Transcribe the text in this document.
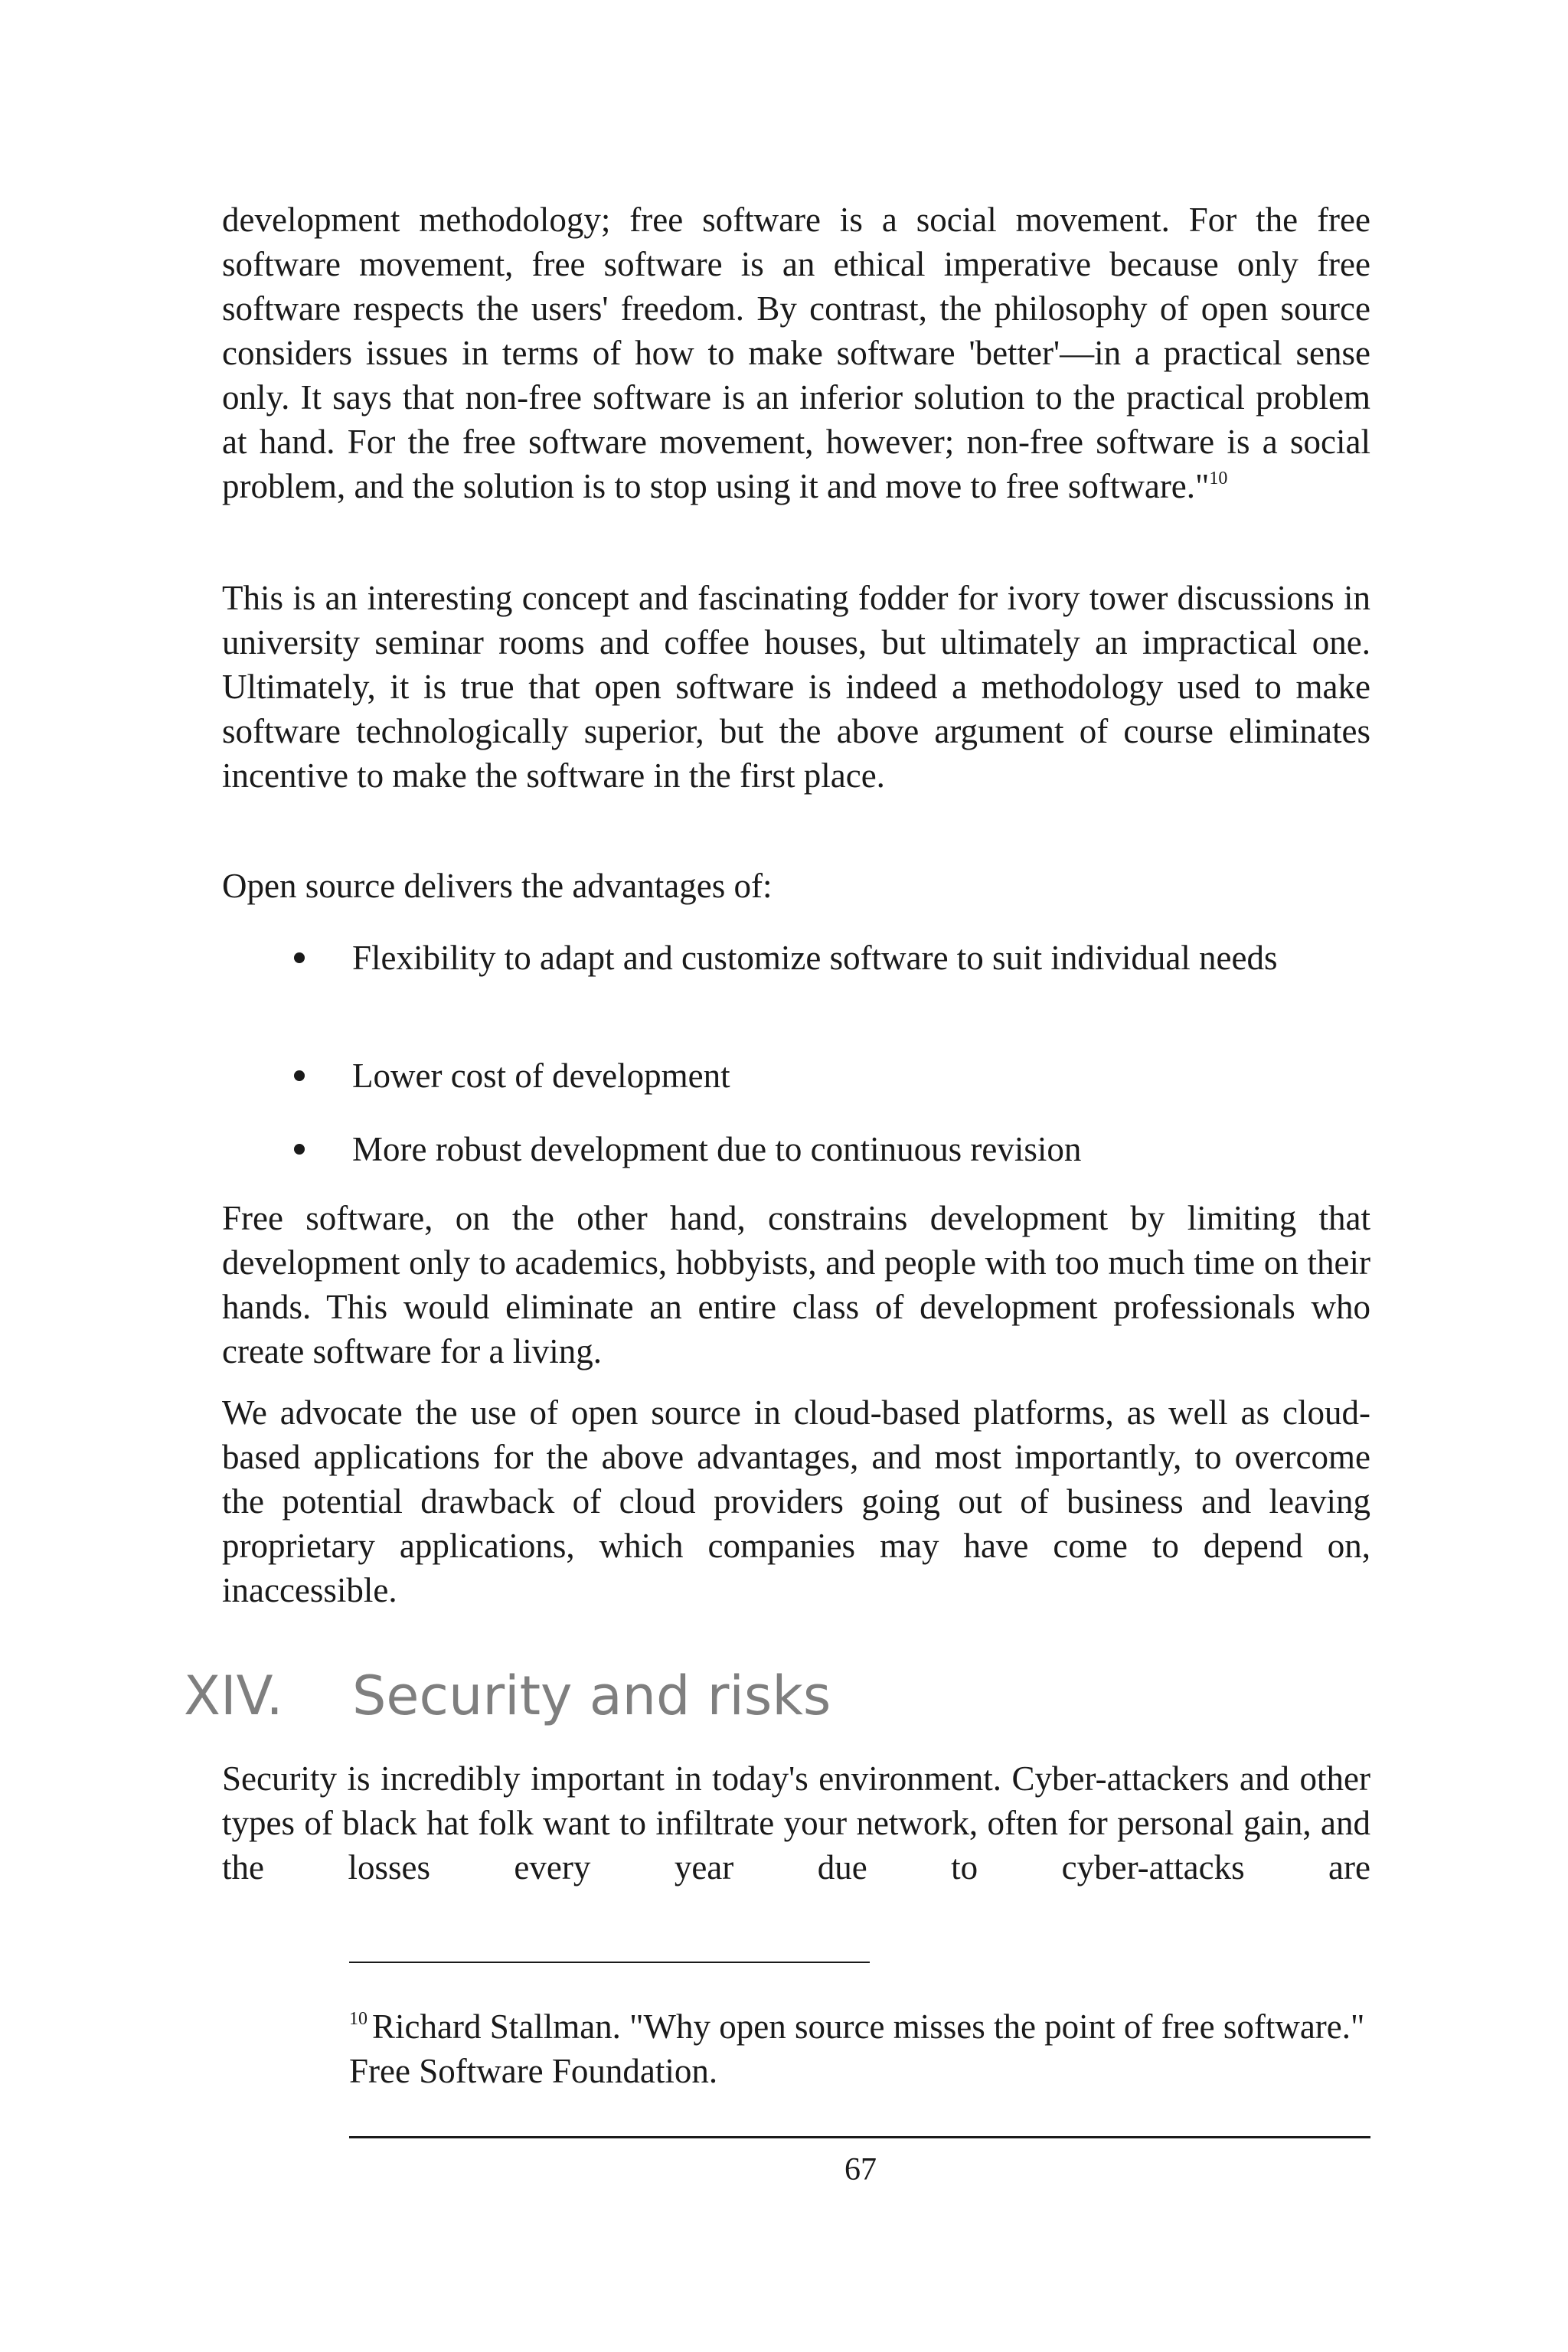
development methodology; free software is a social movement. For the free software movement, free software is an ethical imperative because only free software respects the users' freedom. By contrast, the philosophy of open source considers issues in terms of how to make software 'better'—in a practical sense only. It says that non-free software is an inferior solution to the practical problem at hand. For the free software movement, however; non-free software is a social problem, and the solution is to stop using it and move to free software."$^{10}$

This is an interesting concept and fascinating fodder for ivory tower discussions in university seminar rooms and coffee houses, but ultimately an impractical one. Ultimately, it is true that open software is indeed a methodology used to make software technologically superior, but the above argument of course eliminates incentive to make the software in the first place.

Open source delivers the advantages of:

Flexibility to adapt and customize software to suit individual needs
Lower cost of development
More robust development due to continuous revision

Free software, on the other hand, constrains development by limiting that development only to academics, hobbyists, and people with too much time on their hands. This would eliminate an entire class of development professionals who create software for a living.

We advocate the use of open source in cloud-based platforms, as well as cloud-based applications for the above advantages, and most importantly, to overcome the potential drawback of cloud providers going out of business and leaving proprietary applications, which companies may have come to depend on, inaccessible.

XIV. Security and risks

Security is incredibly important in today's environment. Cyber-attackers and other types of black hat folk want to infiltrate your network, often for personal gain, and the losses every year due to cyber-attacks are

$^{10}$ Richard Stallman. "Why open source misses the point of free software." Free Software Foundation.

67
